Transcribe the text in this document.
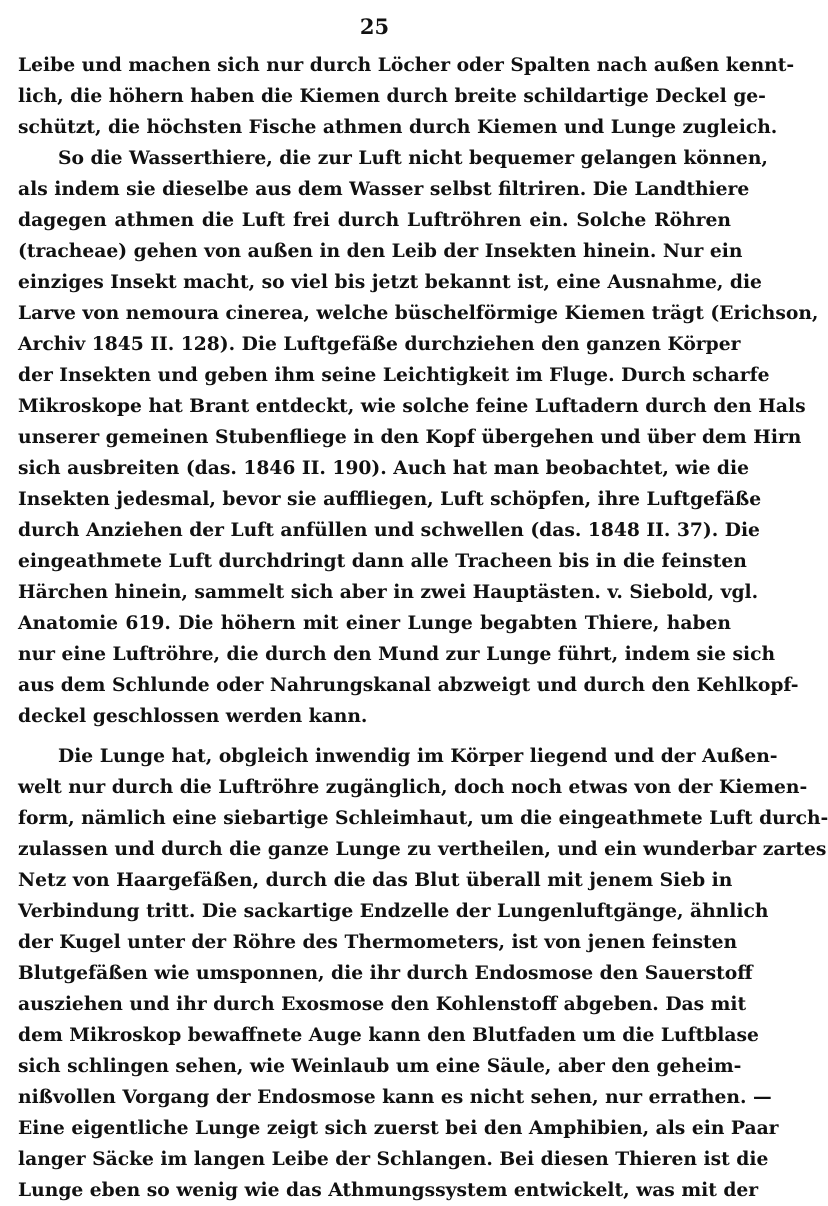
25
Leibe und machen sich nur durch Löcher oder Spalten nach außen kennt-
lich, die höhern haben die Kiemen durch breite schildartige Deckel ge-
schützt, die höchsten Fische athmen durch Kiemen und Lunge zugleich.
So die Wasserthiere, die zur Luft nicht bequemer gelangen können,
als indem sie dieselbe aus dem Wasser selbst filtriren. Die Landthiere
dagegen athmen die Luft frei durch Luftröhren ein. Solche Röhren
(tracheae) gehen von außen in den Leib der Insekten hinein. Nur ein
einziges Insekt macht, so viel bis jetzt bekannt ist, eine Ausnahme, die
Larve von nemoura cinerea, welche büschelförmige Kiemen trägt (Erichson,
Archiv 1845 II. 128). Die Luftgefäße durchziehen den ganzen Körper
der Insekten und geben ihm seine Leichtigkeit im Fluge. Durch scharfe
Mikroskope hat Brant entdeckt, wie solche feine Luftadern durch den Hals
unserer gemeinen Stubenfliege in den Kopf übergehen und über dem Hirn
sich ausbreiten (das. 1846 II. 190). Auch hat man beobachtet, wie die
Insekten jedesmal, bevor sie auffliegen, Luft schöpfen, ihre Luftgefäße
durch Anziehen der Luft anfüllen und schwellen (das. 1848 II. 37). Die
eingeathmete Luft durchdringt dann alle Tracheen bis in die feinsten
Härchen hinein, sammelt sich aber in zwei Hauptästen. v. Siebold, vgl.
Anatomie 619. Die höhern mit einer Lunge begabten Thiere, haben
nur eine Luftröhre, die durch den Mund zur Lunge führt, indem sie sich
aus dem Schlunde oder Nahrungskanal abzweigt und durch den Kehlkopf-
deckel geschlossen werden kann.
Die Lunge hat, obgleich inwendig im Körper liegend und der Außen-
welt nur durch die Luftröhre zugänglich, doch noch etwas von der Kiemen-
form, nämlich eine siebartige Schleimhaut, um die eingeathmete Luft durch-
zulassen und durch die ganze Lunge zu vertheilen, und ein wunderbar zartes
Netz von Haargefäßen, durch die das Blut überall mit jenem Sieb in
Verbindung tritt. Die sackartige Endzelle der Lungenluftgänge, ähnlich
der Kugel unter der Röhre des Thermometers, ist von jenen feinsten
Blutgefäßen wie umsponnen, die ihr durch Endosmose den Sauerstoff
ausziehen und ihr durch Exosmose den Kohlenstoff abgeben. Das mit
dem Mikroskop bewaffnete Auge kann den Blutfaden um die Luftblase
sich schlingen sehen, wie Weinlaub um eine Säule, aber den geheim-
nißvollen Vorgang der Endosmose kann es nicht sehen, nur errathen. —
Eine eigentliche Lunge zeigt sich zuerst bei den Amphibien, als ein Paar
langer Säcke im langen Leibe der Schlangen. Bei diesen Thieren ist die
Lunge eben so wenig wie das Athmungssystem entwickelt, was mit der
